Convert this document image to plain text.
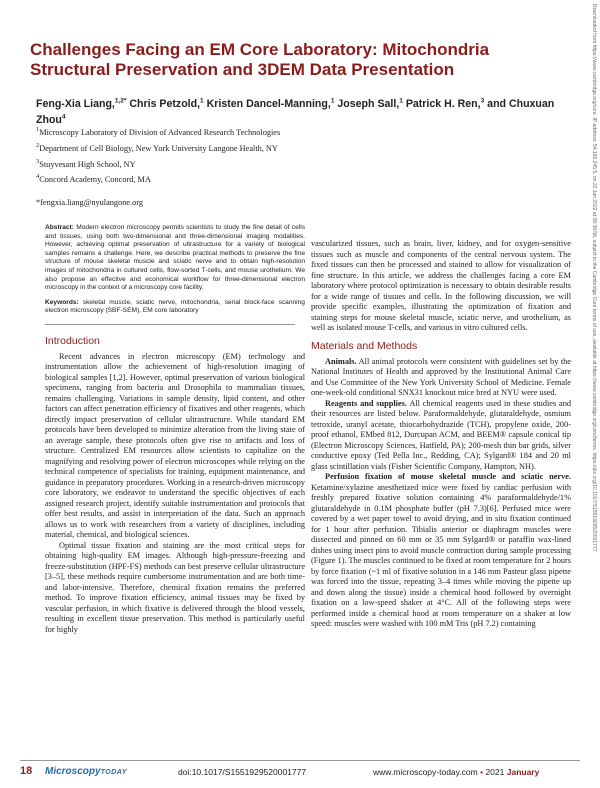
Challenges Facing an EM Core Laboratory: Mitochondria Structural Preservation and 3DEM Data Presentation
Feng-Xia Liang,$^{1,2*}$ Chris Petzold,$^1$ Kristen Dancel-Manning,$^1$ Joseph Sall,$^1$ Patrick H. Ren,$^3$ and Chuxuan Zhou$^4$
$^1$Microscopy Laboratory of Division of Advanced Research Technologies
$^2$Department of Cell Biology, New York University Langone Health, NY
$^3$Stuyvesant High School, NY
$^4$Concord Academy, Concord, MA
*fengxia.liang@nyulangone.org

Abstract: Modern electron microscopy permits scientists to study the fine detail of cells and tissues, using both two-dimensional and three-dimensional imaging modalities. However, achieving optimal preservation of ultrastructure for a variety of biological samples remains a challenge. Here, we describe practical methods to preserve the fine structure of mouse skeletal muscle and sciatic nerve and to obtain high-resolution images of mitochondria in cultured cells, flow-sorted T-cells, and mouse urothelium. We also propose an effective and economical workflow for three-dimensional electron microscopy in the context of a microscopy core facility.

Keywords: skeletal muscle, sciatic nerve, mitochondria, serial block-face scanning electron microscopy (SBF-SEM), EM core laboratory

Introduction

Recent advances in electron microscopy (EM) technology and instrumentation allow the achievement of high-resolution imaging of biological samples [1,2]. However, optimal preservation of various biological specimens, ranging from bacteria and Drosophila to mammalian tissues, remains challenging. Variations in sample density, lipid content, and other factors can affect penetration efficiency of fixatives and other reagents, which directly impact preservation of cellular ultrastructure. While standard EM protocols have been developed to minimize alteration from the living state of an average sample, these protocols often give rise to artifacts and loss of structure. Centralized EM resources allow scientists to capitalize on the magnifying and resolving power of electron microscopes while relying on the technical competence of specialists for training, equipment maintenance, and guidance in preparatory procedures. Working in a research-driven microscopy core laboratory, we endeavor to understand the specific objectives of each assigned research project, identify suitable instrumentation and protocols that offer best results, and assist in interpretation of the data. Such an approach allows us to work with researchers from a variety of disciplines, including material, chemical, and biological sciences.

Optimal tissue fixation and staining are the most critical steps for obtaining high-quality EM images. Although high-pressure-freezing and freeze-substitution (HPF-FS) methods can best preserve cellular ultrastructure [3–5], these methods require cumbersome instrumentation and are both time- and labor-intensive. Therefore, chemical fixation remains the preferred method. To improve fixation efficiency, animal tissues may be fixed by vascular perfusion, in which fixative is delivered through the blood vessels, resulting in excellent tissue preservation. This method is particularly useful for highly

vascularized tissues, such as brain, liver, kidney, and for oxygen-sensitive tissues such as muscle and components of the central nervous system. The fixed tissues can then be processed and stained to allow for visualization of fine structure. In this article, we address the challenges facing a core EM laboratory where protocol optimization is necessary to obtain desirable results for a wide range of tissues and cells. In the following discussion, we will provide specific examples, illustrating the optimization of fixation and staining steps for mouse skeletal muscle, sciatic nerve, and urothelium, as well as isolated mouse T-cells, and various in vitro cultured cells.

Materials and Methods

Animals. All animal protocols were consistent with guidelines set by the National Institutes of Health and approved by the Institutional Animal Care and Use Committee of the New York University School of Medicine. Female one-week-old conditional SNX31 knockout mice bred at NYU were used.

Reagents and supplies. All chemical reagents used in these studies and their resources are listed below. Paraformaldehyde, glutaraldehyde, osmium tetroxide, uranyl acetate, thiocarbohydrazide (TCH), propylene oxide, 200-proof ethanol, EMbed 812, Durcupan ACM, and BEEM® capsule conical tip (Electron Microscopy Sciences, Hatfield, PA); 200-mesh thin bar grids, silver conductive epoxy (Ted Pella Inc., Redding, CA); Sylgard® 184 and 20 ml glass scintillation vials (Fisher Scientific Company, Hampton, NH).

Perfusion fixation of mouse skeletal muscle and sciatic nerve. Ketamine/xylazine anesthetized mice were fixed by cardiac perfusion with freshly prepared fixative solution containing 4% paraformaldehyde/1% glutaraldehyde in 0.1M phosphate buffer (pH 7.3)[6]. Perfused mice were covered by a wet paper towel to avoid drying, and in situ fixation continued for 1 hour after perfusion. Tibialis anterior or diaphragm muscles were dissected and pinned on 60 mm or 35 mm Sylgard® or paraffin wax-lined dishes using insect pins to avoid muscle contraction during sample processing (Figure 1). The muscles continued to be fixed at room temperature for 2 hours by force fixation (~1 ml of fixative solution in a 146 mm Pasteur glass pipette was forced into the tissue, repeating 3–4 times while moving the pipette up and down along the tissue) inside a chemical hood followed by overnight fixation on a low-speed shaker at 4°C. All of the following steps were performed inside a chemical hood at room temperature on a shaker at low speed: muscles were washed with 100 mM Tris (pH 7.2) containing

Downloaded from https://www.cambridge.org/core. IP address: 54.165.245.5, on 22 Jan 2022 at 08:39:58, subject to the Cambridge Core terms of use, available at https://www.cambridge.org/core/terms. https://doi.org/10.1017/S1551929520001777
18 MicroscopyTODAY	doi:10.1017/S1551929520001777	www.microscopy-today.com • 2021 January
